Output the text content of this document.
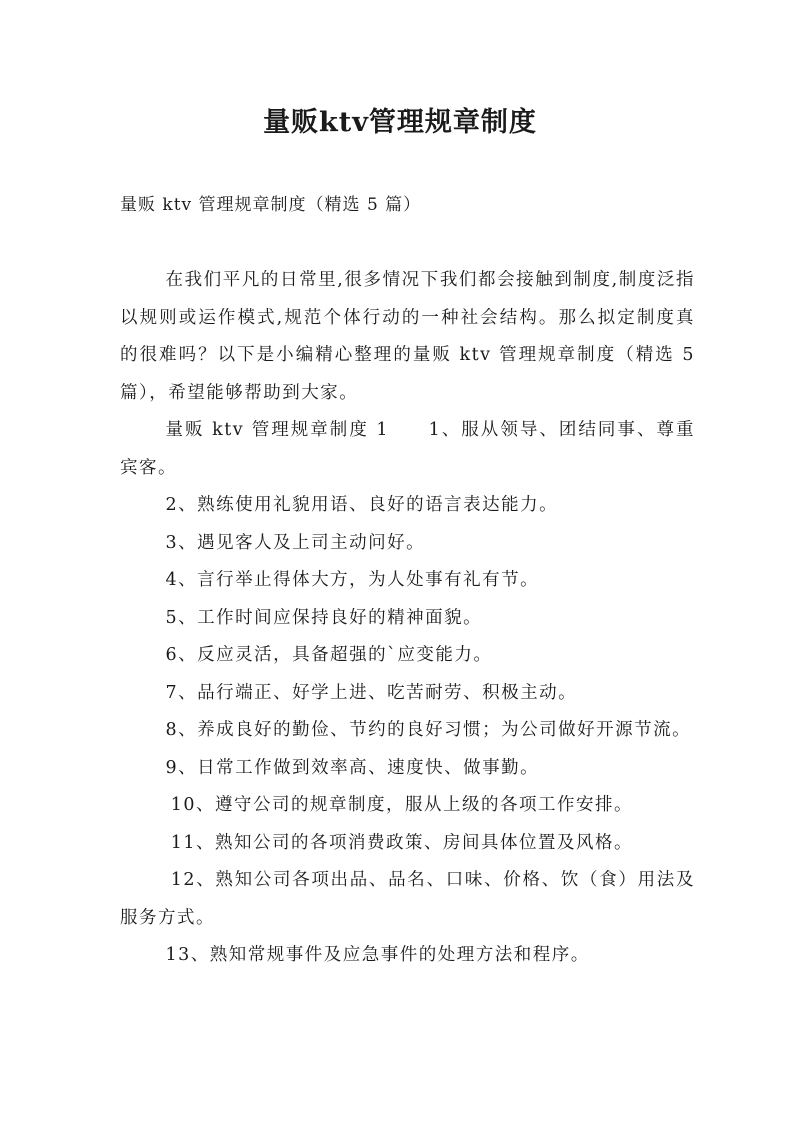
量贩ktv管理规章制度

量贩 ktv 管理规章制度（精选 5 篇）

在我们平凡的日常里,很多情况下我们都会接触到制度,制度泛指以规则或运作模式,规范个体行动的一种社会结构。那么拟定制度真的很难吗？以下是小编精心整理的量贩 ktv 管理规章制度（精选 5 篇），希望能够帮助到大家。

量贩 ktv 管理规章制度 1　　1、服从领导、团结同事、尊重宾客。

2、熟练使用礼貌用语、良好的语言表达能力。

3、遇见客人及上司主动问好。

4、言行举止得体大方，为人处事有礼有节。

5、工作时间应保持良好的精神面貌。

6、反应灵活，具备超强的`应变能力。

7、品行端正、好学上进、吃苦耐劳、积极主动。

8、养成良好的勤俭、节约的良好习惯；为公司做好开源节流。

9、日常工作做到效率高、速度快、做事勤。

10、遵守公司的规章制度，服从上级的各项工作安排。

11、熟知公司的各项消费政策、房间具体位置及风格。

12、熟知公司各项出品、品名、口味、价格、饮（食）用法及服务方式。

13、熟知常规事件及应急事件的处理方法和程序。
